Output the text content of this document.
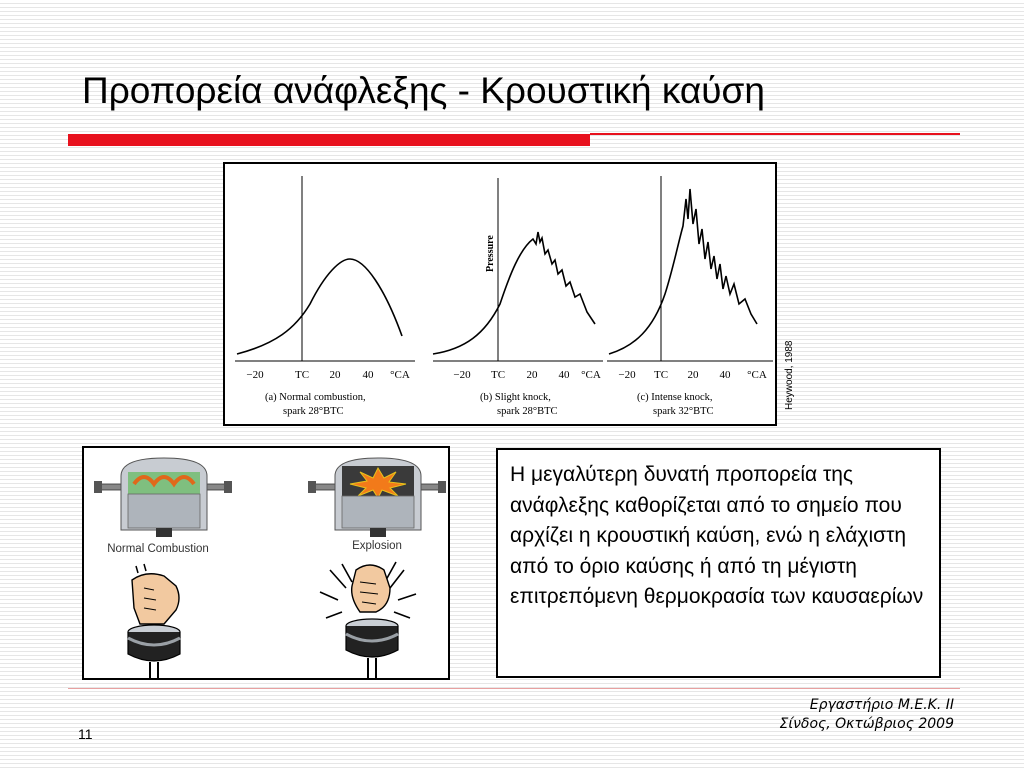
Προπορεία ανάφλεξης - Κρουστική καύση
−20	TC 20 40 °CA
(a) Normal combustion,
spark 28°BTC
Pressure
−20 TC 20 40 °CA
(b) Slight knock,
spark 28°BTC
−20 TC 20 40 °CA
(c) Intense knock,
spark 32°BTC
Heywood, 1988
Normal Combustion	Explosion
Η μεγαλύτερη δυνατή προπορεία της ανάφλεξης καθορίζεται από το σημείο που αρχίζει η κρουστική καύση, ενώ η ελάχιστη από το όριο καύσης ή από τη μέγιστη επιτρεπόμενη θερμοκρασία των καυσαερίων
Εργαστήριο Μ.Ε.Κ. ΙΙ
Σίνδος, Οκτώβριος 2009
11
